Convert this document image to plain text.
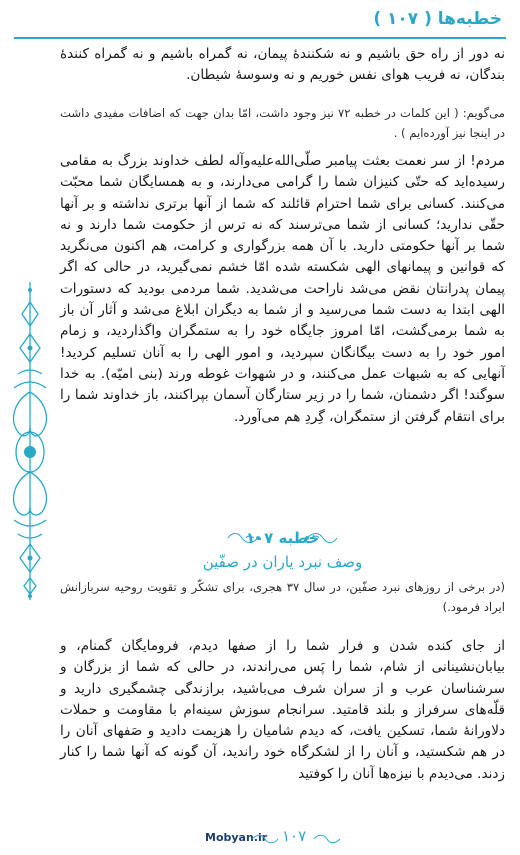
خطبه‌ها ( ۱۰۷ )

نه دور از راه حق باشیم و نه شکنندهٔ پیمان، نه گمراه باشیم و نه گمراه کنندهٔ بندگان، نه فریب هوای نفس خوریم و نه وسوسهٔ شیطان.

می‌گویم: ( این کلمات در خطبه ۷۲ نیز وجود داشت، امّا بدان جهت که اضافات مفیدی داشت در اینجا نیز آورده‌ایم ) .

مردم! از سر نعمت بعثت پیامبر صلّی‌الله‌علیه‌وآله لطف خداوند بزرگ به مقامی رسیده‌اید که حتّی کنیزان شما را گرامی می‌دارند، و به همسایگان شما محبّت می‌کنند. کسانی برای شما احترام قائلند که شما از آنها برتری نداشته و بر آنها حقّی ندارید؛ کسانی از شما می‌ترسند که نه ترس از حکومت شما دارند و نه شما بر آنها حکومتی دارید. با آن همه بزرگواری و کرامت، هم اکنون می‌نگرید که قوانین و پیمانهای الهی شکسته شده امّا خشم نمی‌گیرید، در حالی که اگر پیمان پدرانتان نقض می‌شد ناراحت می‌شدید. شما مردمی بودید که دستورات الهی ابتدا به دست شما می‌رسید و از شما به دیگران ابلاغ می‌شد و آثار آن باز به شما برمی‌گشت، امّا امروز جایگاه خود را به ستمگران واگذاردید، و زمام امور خود را به دست بیگانگان سپردید، و امور الهی را به آنان تسلیم کردید! آنهایی که به شبهات عمل می‌کنند، و در شهوات غوطه ورند (بنی امیّه). به خدا سوگند! اگر دشمنان، شما را در زیر ستارگان آسمان بپراکنند، باز خداوند شما را برای انتقام گرفتن از ستمگران، گِردِ هم می‌آورد.

خطبه ۱۰۷
وصف نبرد یاران در صفّین

(در برخی از روزهای نبرد صفّین، در سال ۳۷ هجری، برای تشکّر و تقویت روحیه سربازانش ایراد فرمود.)

از جای کنده شدن و فرار شما را از صفها دیدم، فرومایگان گمنام، و بیابان‌نشینانی از شام، شما را پَس می‌راندند، در حالی که شما از بزرگان و سرشناسان عرب و از سران شرف می‌باشید، برازندگی چشمگیری دارید و قلّه‌های سرفراز و بلند قامتید. سرانجام سوزش سینه‌ام با مقاومت و حملات دلاورانهٔ شما، تسکین یافت، که دیدم شامیان را هزیمت دادید و صَفهای آنان را در هم شکستید، و آنان را از لشکرگاه خود راندید، آن گونه که آنها شما را کنار زدند. می‌دیدم با نیزه‌ها آنان را کوفتید

Mobyan.ir ۱۰۷
